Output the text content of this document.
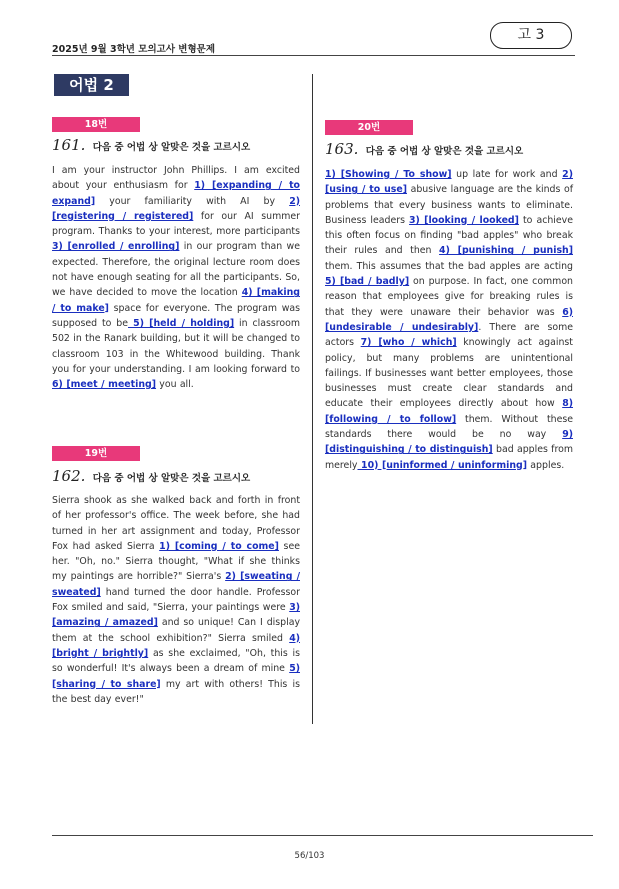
2025년 9월 3학년 모의고사 변형문제
고 3
어법 2
18번
161. 다음 중 어법 상 알맞은 것을 고르시오
I am your instructor John Phillips. I am excited about your enthusiasm for 1) [expanding / to expand] your familiarity with AI by 2) [registering / registered] for our AI summer program. Thanks to your interest, more participants 3) [enrolled / enrolling] in our program than we expected. Therefore, the original lecture room does not have enough seating for all the participants. So, we have decided to move the location 4) [making / to make] space for everyone. The program was supposed to be 5) [held / holding] in classroom 502 in the Ranark building, but it will be changed to classroom 103 in the Whitewood building. Thank you for your understanding. I am looking forward to 6) [meet / meeting] you all.
19번
162. 다음 중 어법 상 알맞은 것을 고르시오
Sierra shook as she walked back and forth in front of her professor's office. The week before, she had turned in her art assignment and today, Professor Fox had asked Sierra 1) [coming / to come] see her. "Oh, no." Sierra thought, "What if she thinks my paintings are horrible?" Sierra's 2) [sweating / sweated] hand turned the door handle. Professor Fox smiled and said, "Sierra, your paintings were 3) [amazing / amazed] and so unique! Can I display them at the school exhibition?" Sierra smiled 4) [bright / brightly] as she exclaimed, "Oh, this is so wonderful! It's always been a dream of mine 5) [sharing / to share] my art with others! This is the best day ever!"
20번
163. 다음 중 어법 상 알맞은 것을 고르시오
1) [Showing / To show] up late for work and 2) [using / to use] abusive language are the kinds of problems that every business wants to eliminate. Business leaders 3) [looking / looked] to achieve this often focus on finding "bad apples" who break their rules and then 4) [punishing / punish] them. This assumes that the bad apples are acting 5) [bad / badly] on purpose. In fact, one common reason that employees give for breaking rules is that they were unaware their behavior was 6) [undesirable / undesirably]. There are some actors 7) [who / which] knowingly act against policy, but many problems are unintentional failings. If businesses want better employees, those businesses must create clear standards and educate their employees directly about how 8) [following / to follow] them. Without these standards there would be no way 9) [distinguishing / to distinguish] bad apples from merely 10) [uninformed / uninforming] apples.
56/103
